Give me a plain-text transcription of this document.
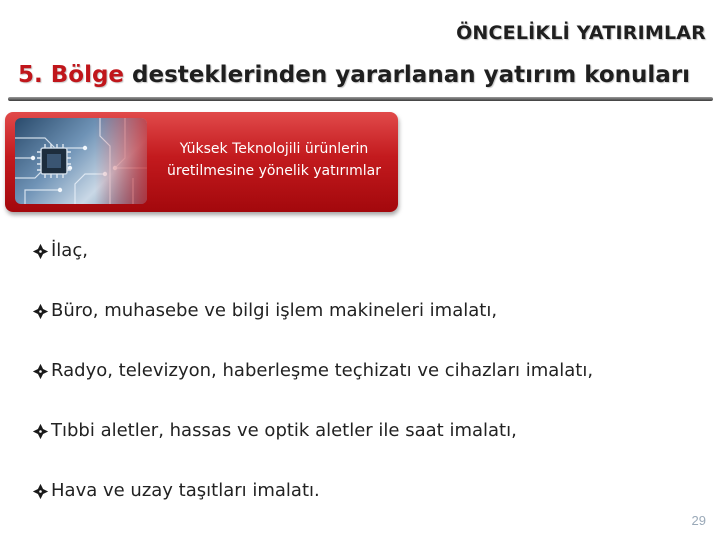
ÖNCELİKLİ YATIRIMLAR
5. Bölge desteklerinden yararlanan yatırım konuları
Yüksek Teknolojili ürünlerin
üretilmesine yönelik yatırımlar
İlaç,
Büro, muhasebe ve bilgi işlem makineleri imalatı,
Radyo, televizyon, haberleşme teçhizatı ve cihazları imalatı,
Tıbbi aletler, hassas ve optik aletler ile saat imalatı,
Hava ve uzay taşıtları imalatı.
29
